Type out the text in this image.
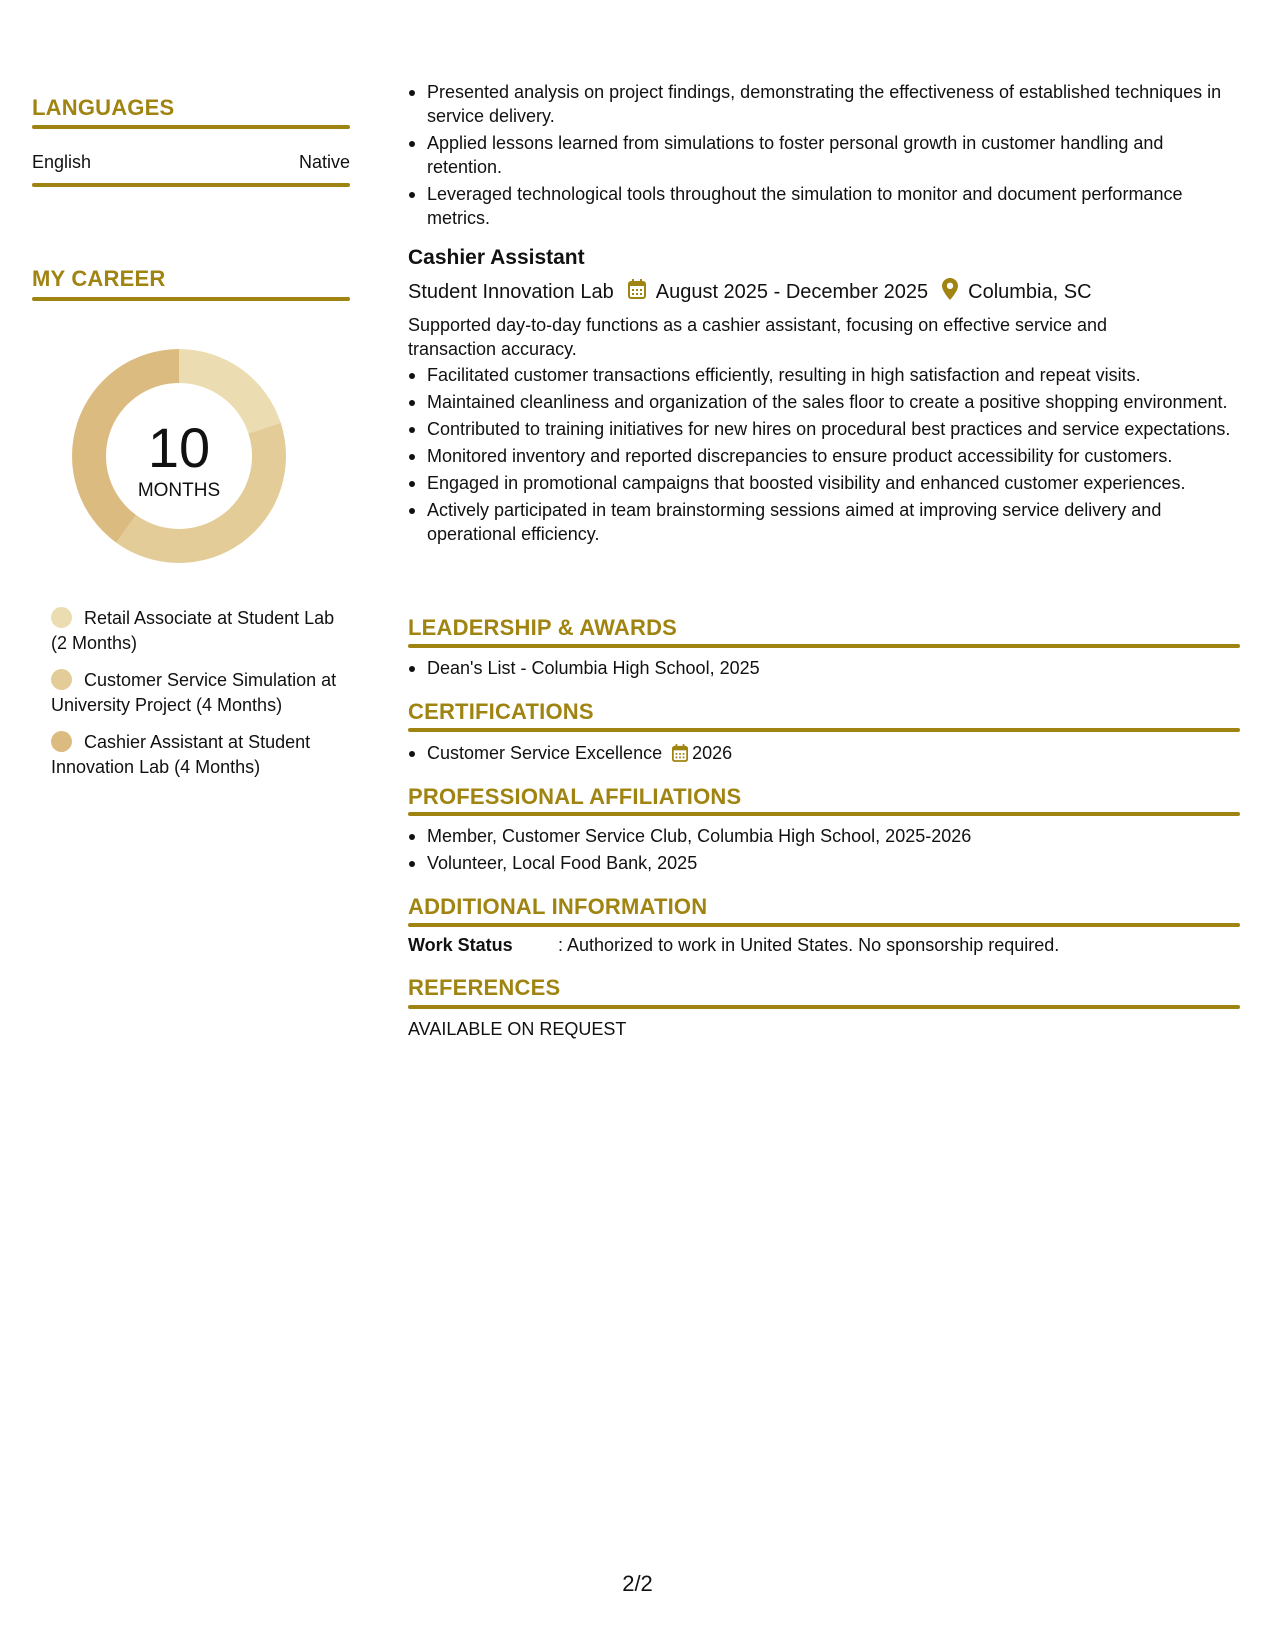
LANGUAGES
English	Native
MY CAREER
10
MONTHS
Retail Associate at Student Lab (2 Months)
Customer Service Simulation at University Project (4 Months)
Cashier Assistant at Student Innovation Lab (4 Months)
Presented analysis on project findings, demonstrating the effectiveness of established techniques in service delivery.
Applied lessons learned from simulations to foster personal growth in customer handling and retention.
Leveraged technological tools throughout the simulation to monitor and document performance metrics.
Cashier Assistant
Student Innovation Lab August 2025 - December 2025 Columbia, SC
Supported day-to-day functions as a cashier assistant, focusing on effective service and transaction accuracy.
Facilitated customer transactions efficiently, resulting in high satisfaction and repeat visits.
Maintained cleanliness and organization of the sales floor to create a positive shopping environment.
Contributed to training initiatives for new hires on procedural best practices and service expectations.
Monitored inventory and reported discrepancies to ensure product accessibility for customers.
Engaged in promotional campaigns that boosted visibility and enhanced customer experiences.
Actively participated in team brainstorming sessions aimed at improving service delivery and operational efficiency.
LEADERSHIP & AWARDS
Dean's List - Columbia High School, 2025
CERTIFICATIONS
Customer Service Excellence 2026
PROFESSIONAL AFFILIATIONS
Member, Customer Service Club, Columbia High School, 2025-2026
Volunteer, Local Food Bank, 2025
ADDITIONAL INFORMATION
Work Status	: Authorized to work in United States. No sponsorship required.
REFERENCES
AVAILABLE ON REQUEST
2/2
